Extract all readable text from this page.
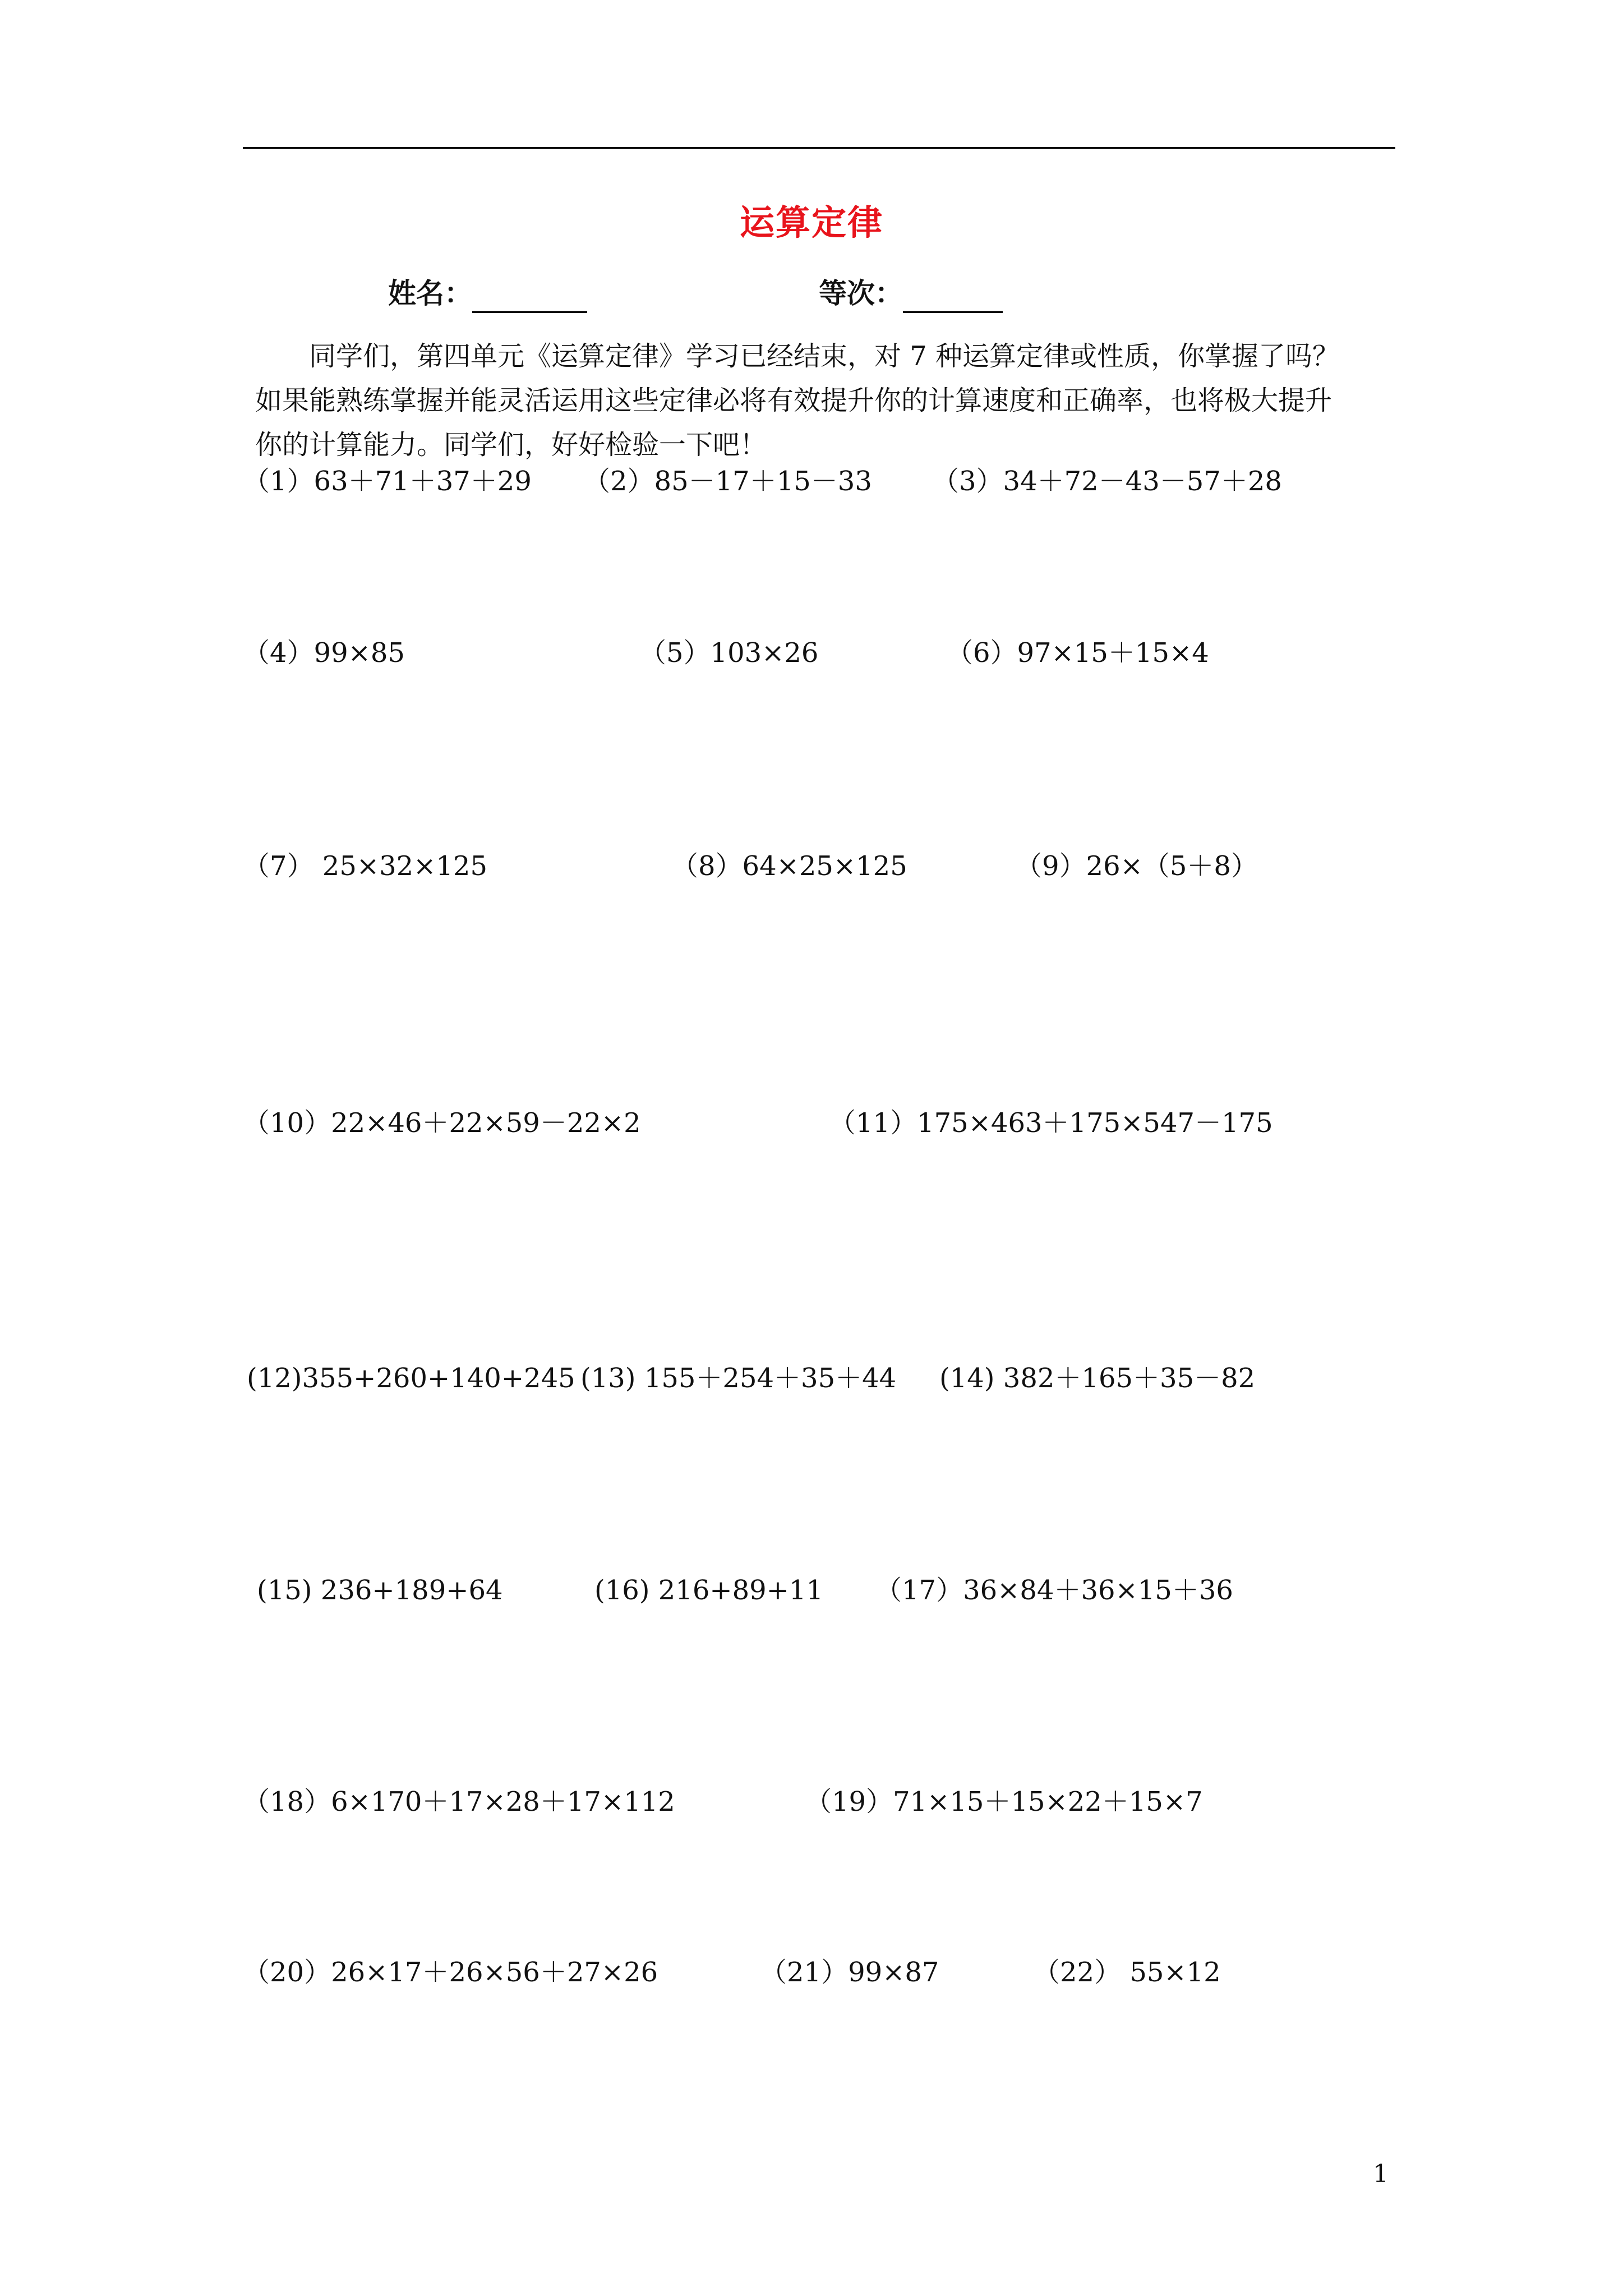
运算定律
姓名：	等次：
同学们，第四单元《运算定律》学习已经结束，对 7 种运算定律或性质，你掌握了吗？
如果能熟练掌握并能灵活运用这些定律必将有效提升你的计算速度和正确率，也将极大提升
你的计算能力。同学们，好好检验一下吧！
（1）63＋71＋37＋29 （2）85－17＋15－33 （3）34＋72－43－57＋28
（4）99×85	（5）103×26	（6）97×15＋15×4
（7） 25×32×125	（8）64×25×125	（9）26×（5＋8）
（10）22×46＋22×59－22×2	（11）175×463＋175×547－175
(12)355+260+140+245 (13) 155＋254＋35＋44 (14) 382＋165＋35－82
(15) 236+189+64	(16) 216+89+11 （17）36×84＋36×15＋36
（18）6×170＋17×28＋17×112	（19）71×15＋15×22＋15×7
（20）26×17＋26×56＋27×26	（21）99×87	（22） 55×12
1
